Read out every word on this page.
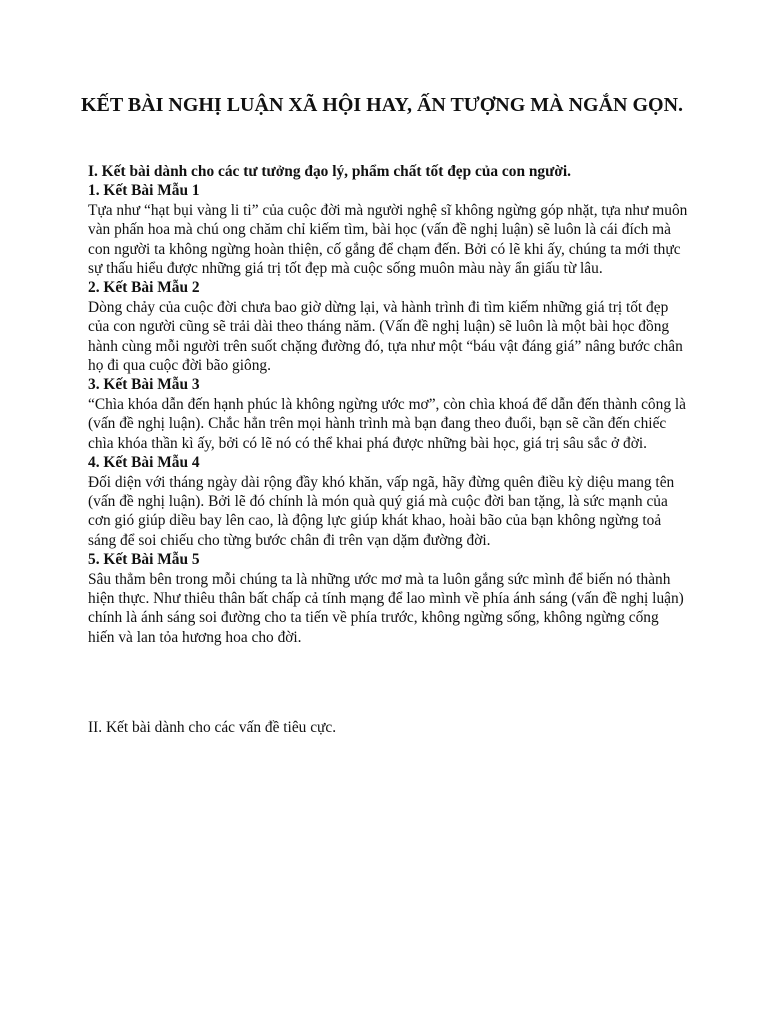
KẾT BÀI NGHỊ LUẬN XÃ HỘI HAY, ẤN TƯỢNG MÀ NGẮN GỌN.

I. Kết bài dành cho các tư tưởng đạo lý, phẩm chất tốt đẹp của con người.

1. Kết Bài Mẫu 1

Tựa như “hạt bụi vàng li ti” của cuộc đời mà người nghệ sĩ không ngừng góp nhặt, tựa như muôn vàn phấn hoa mà chú ong chăm chỉ kiếm tìm, bài học (vấn đề nghị luận) sẽ luôn là cái đích mà con người ta không ngừng hoàn thiện, cố gắng để chạm đến. Bởi có lẽ khi ấy, chúng ta mới thực sự thấu hiểu được những giá trị tốt đẹp mà cuộc sống muôn màu này ẩn giấu từ lâu.

2. Kết Bài Mẫu 2

Dòng chảy của cuộc đời chưa bao giờ dừng lại, và hành trình đi tìm kiếm những giá trị tốt đẹp của con người cũng sẽ trải dài theo tháng năm. (Vấn đề nghị luận) sẽ luôn là một bài học đồng hành cùng mỗi người trên suốt chặng đường đó, tựa như một “báu vật đáng giá” nâng bước chân họ đi qua cuộc đời bão giông.

3. Kết Bài Mẫu 3

“Chìa khóa dẫn đến hạnh phúc là không ngừng ước mơ”, còn chìa khoá để dẫn đến thành công là (vấn đề nghị luận). Chắc hẳn trên mọi hành trình mà bạn đang theo đuổi, bạn sẽ cần đến chiếc chìa khóa thần kì ấy, bởi có lẽ nó có thể khai phá được những bài học, giá trị sâu sắc ở đời.

4. Kết Bài Mẫu 4

Đối diện với tháng ngày dài rộng đầy khó khăn, vấp ngã, hãy đừng quên điều kỳ diệu mang tên (vấn đề nghị luận). Bởi lẽ đó chính là món quà quý giá mà cuộc đời ban tặng, là sức mạnh của cơn gió giúp diều bay lên cao, là động lực giúp khát khao, hoài bão của bạn không ngừng toả sáng để soi chiếu cho từng bước chân đi trên vạn dặm đường đời.

5. Kết Bài Mẫu 5

Sâu thẳm bên trong mỗi chúng ta là những ước mơ mà ta luôn gắng sức mình để biến nó thành hiện thực. Như thiêu thân bất chấp cả tính mạng để lao mình về phía ánh sáng (vấn đề nghị luận) chính là ánh sáng soi đường cho ta tiến về phía trước, không ngừng sống, không ngừng cống hiến và lan tỏa hương hoa cho đời.

II. Kết bài dành cho các vấn đề tiêu cực.
